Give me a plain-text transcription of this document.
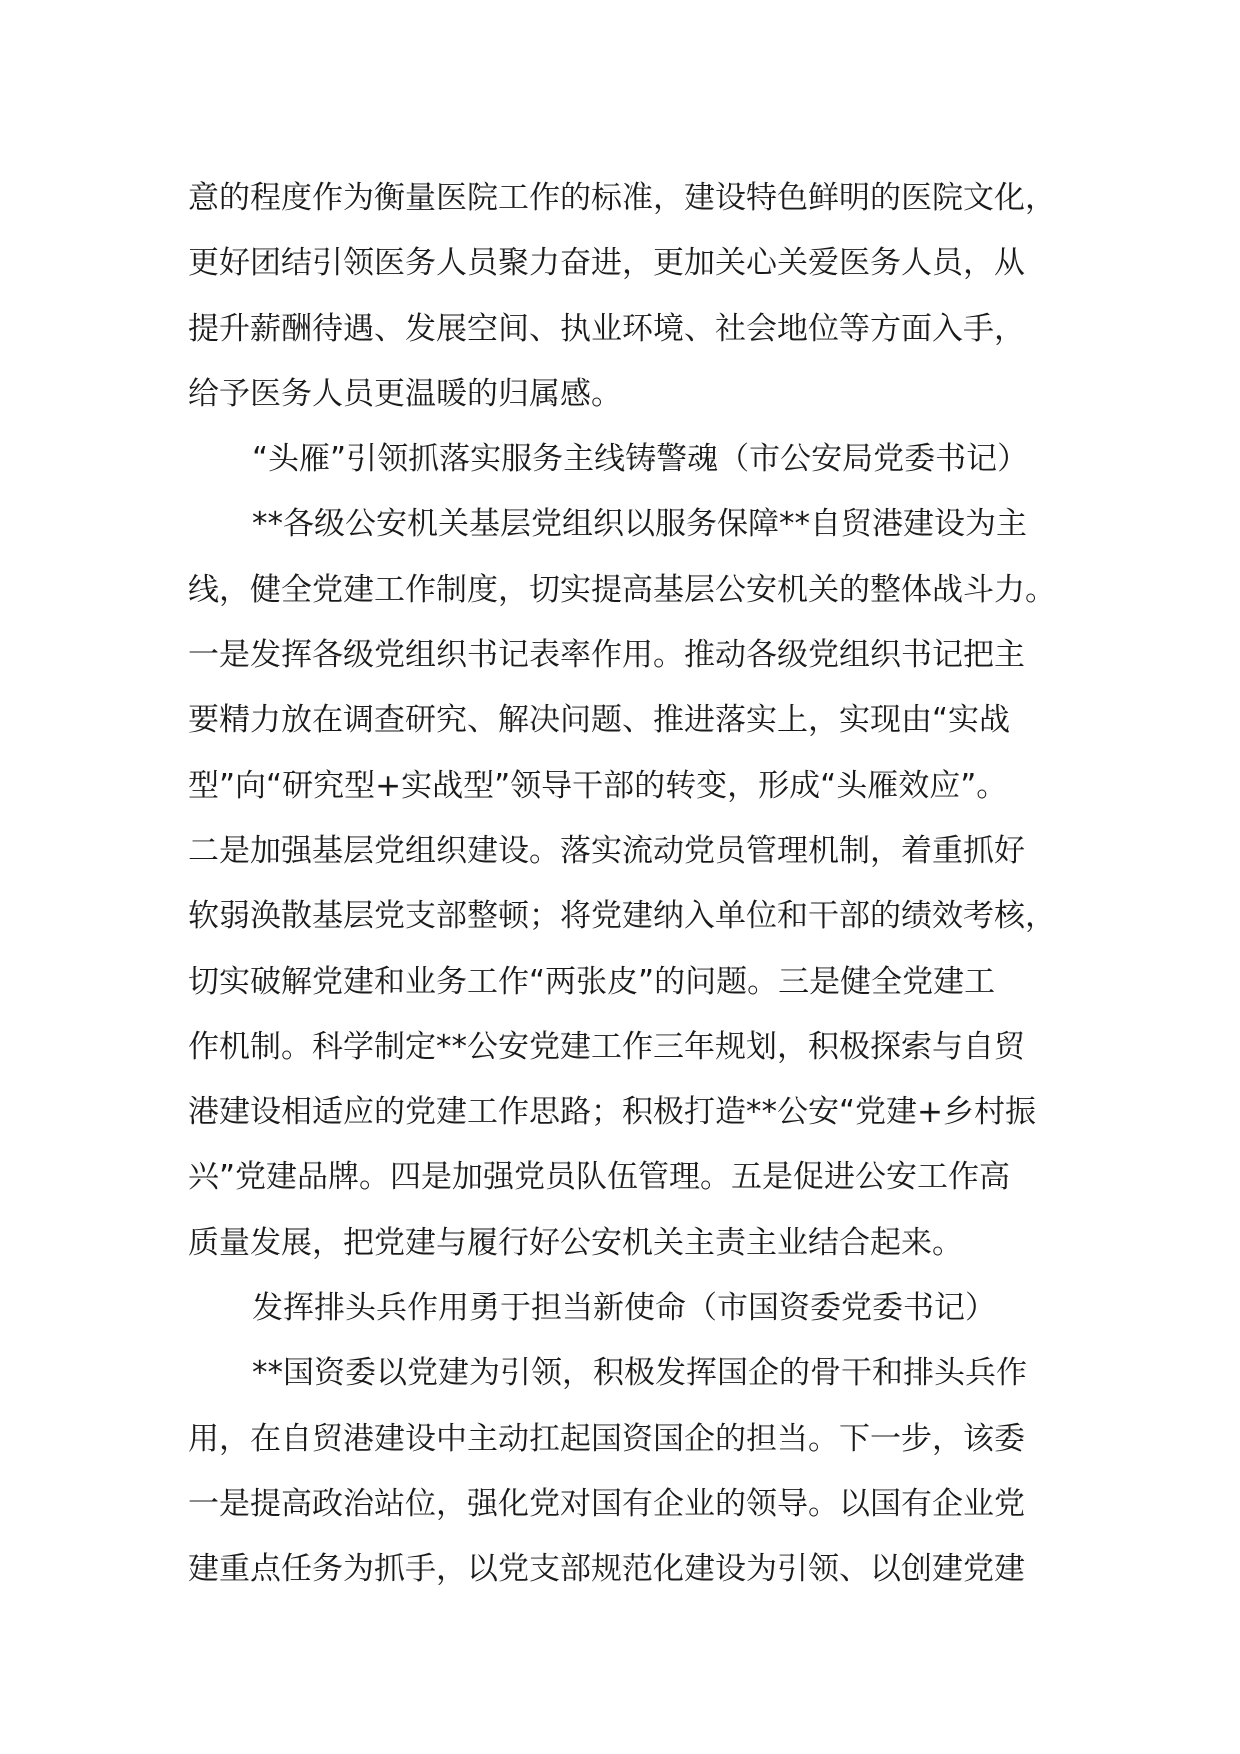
意的程度作为衡量医院工作的标准，建设特色鲜明的医院文化，
更好团结引领医务人员聚力奋进，更加关心关爱医务人员，从
提升薪酬待遇、发展空间、执业环境、社会地位等方面入手，
给予医务人员更温暖的归属感。
“头雁”引领抓落实服务主线铸警魂（市公安局党委书记）
**各级公安机关基层党组织以服务保障**自贸港建设为主
线，健全党建工作制度，切实提高基层公安机关的整体战斗力。
一是发挥各级党组织书记表率作用。推动各级党组织书记把主
要精力放在调查研究、解决问题、推进落实上，实现由“实战
型”向“研究型+实战型”领导干部的转变，形成“头雁效应”。
二是加强基层党组织建设。落实流动党员管理机制，着重抓好
软弱涣散基层党支部整顿；将党建纳入单位和干部的绩效考核，
切实破解党建和业务工作“两张皮”的问题。三是健全党建工
作机制。科学制定**公安党建工作三年规划，积极探索与自贸
港建设相适应的党建工作思路；积极打造**公安“党建+乡村振
兴”党建品牌。四是加强党员队伍管理。五是促进公安工作高
质量发展，把党建与履行好公安机关主责主业结合起来。
发挥排头兵作用勇于担当新使命（市国资委党委书记）
**国资委以党建为引领，积极发挥国企的骨干和排头兵作
用，在自贸港建设中主动扛起国资国企的担当。下一步，该委
一是提高政治站位，强化党对国有企业的领导。以国有企业党
建重点任务为抓手，以党支部规范化建设为引领、以创建党建
